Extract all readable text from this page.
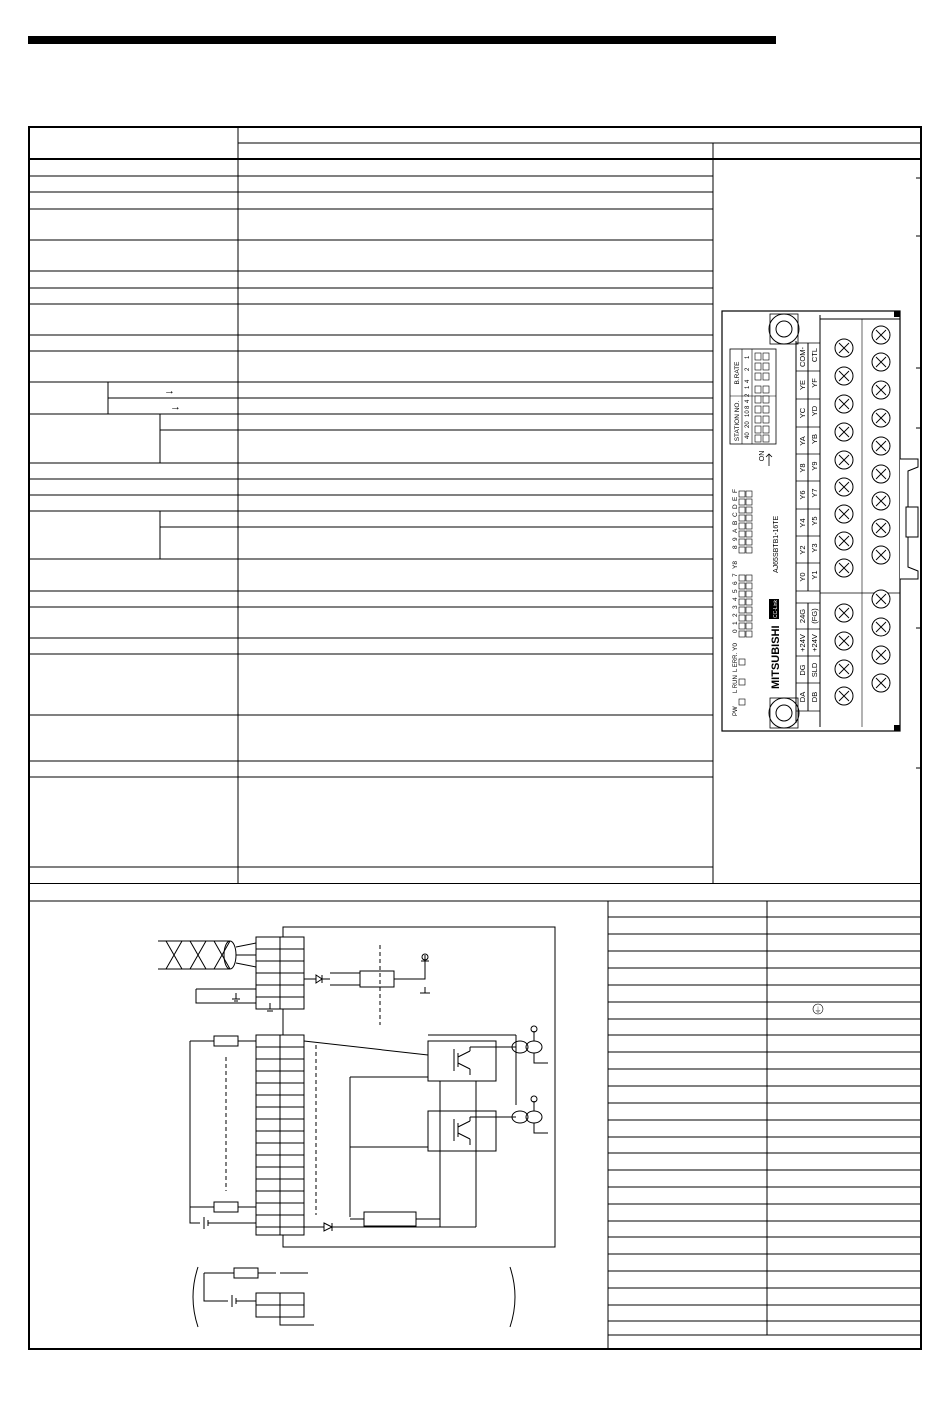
→
→
CTL
YF
YD
YB
Y9
Y7
Y5
Y3
Y1
COM-
YE
YC
YA
Y8
Y6
Y4
Y2
Y0
24G
+24V
DG
DA
(FG)
+24V
SLD
DB
STATION NO.
B.RATE
40
20
10
8
4
2
1
4
2
1
ON
Y8
8
9
A
B
C
D
E
F
Y0
0
1
2
3
4
5
6
7
AJ65SBTB1-16TE
CC-Link
MITSUBISHI
PW
L RUN
L ERR.
⏚
